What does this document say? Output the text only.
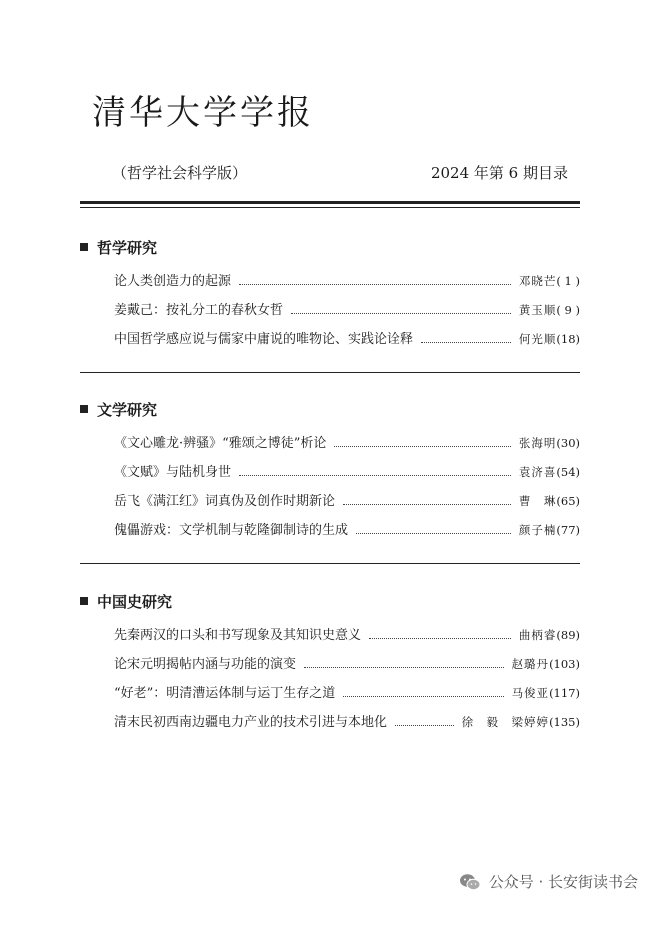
清华大学学报
（哲学社会科学版）	2024 年第 6 期目录
哲学研究
论人类创造力的起源	邓晓芒 ( 1 )
姜戴己：按礼分工的春秋女哲	黄玉顺 ( 9 )
中国哲学感应说与儒家中庸说的唯物论、实践论诠释	何光顺 (18)
文学研究
《文心雕龙·辨骚》“雅颂之博徒”析论	张海明 (30)
《文赋》与陆机身世	袁济喜 (54)
岳飞《满江红》词真伪及创作时期新论	曹　琳 (65)
傀儡游戏：文学机制与乾隆御制诗的生成	颜子楠 (77)
中国史研究
先秦两汉的口头和书写现象及其知识史意义	曲柄睿 (89)
论宋元明揭帖内涵与功能的演变	赵璐丹 (103)
“好老”：明清漕运体制与运丁生存之道	马俊亚 (117)
清末民初西南边疆电力产业的技术引进与本地化	徐　毅　梁婷婷 (135)
公众号 · 长安街读书会
